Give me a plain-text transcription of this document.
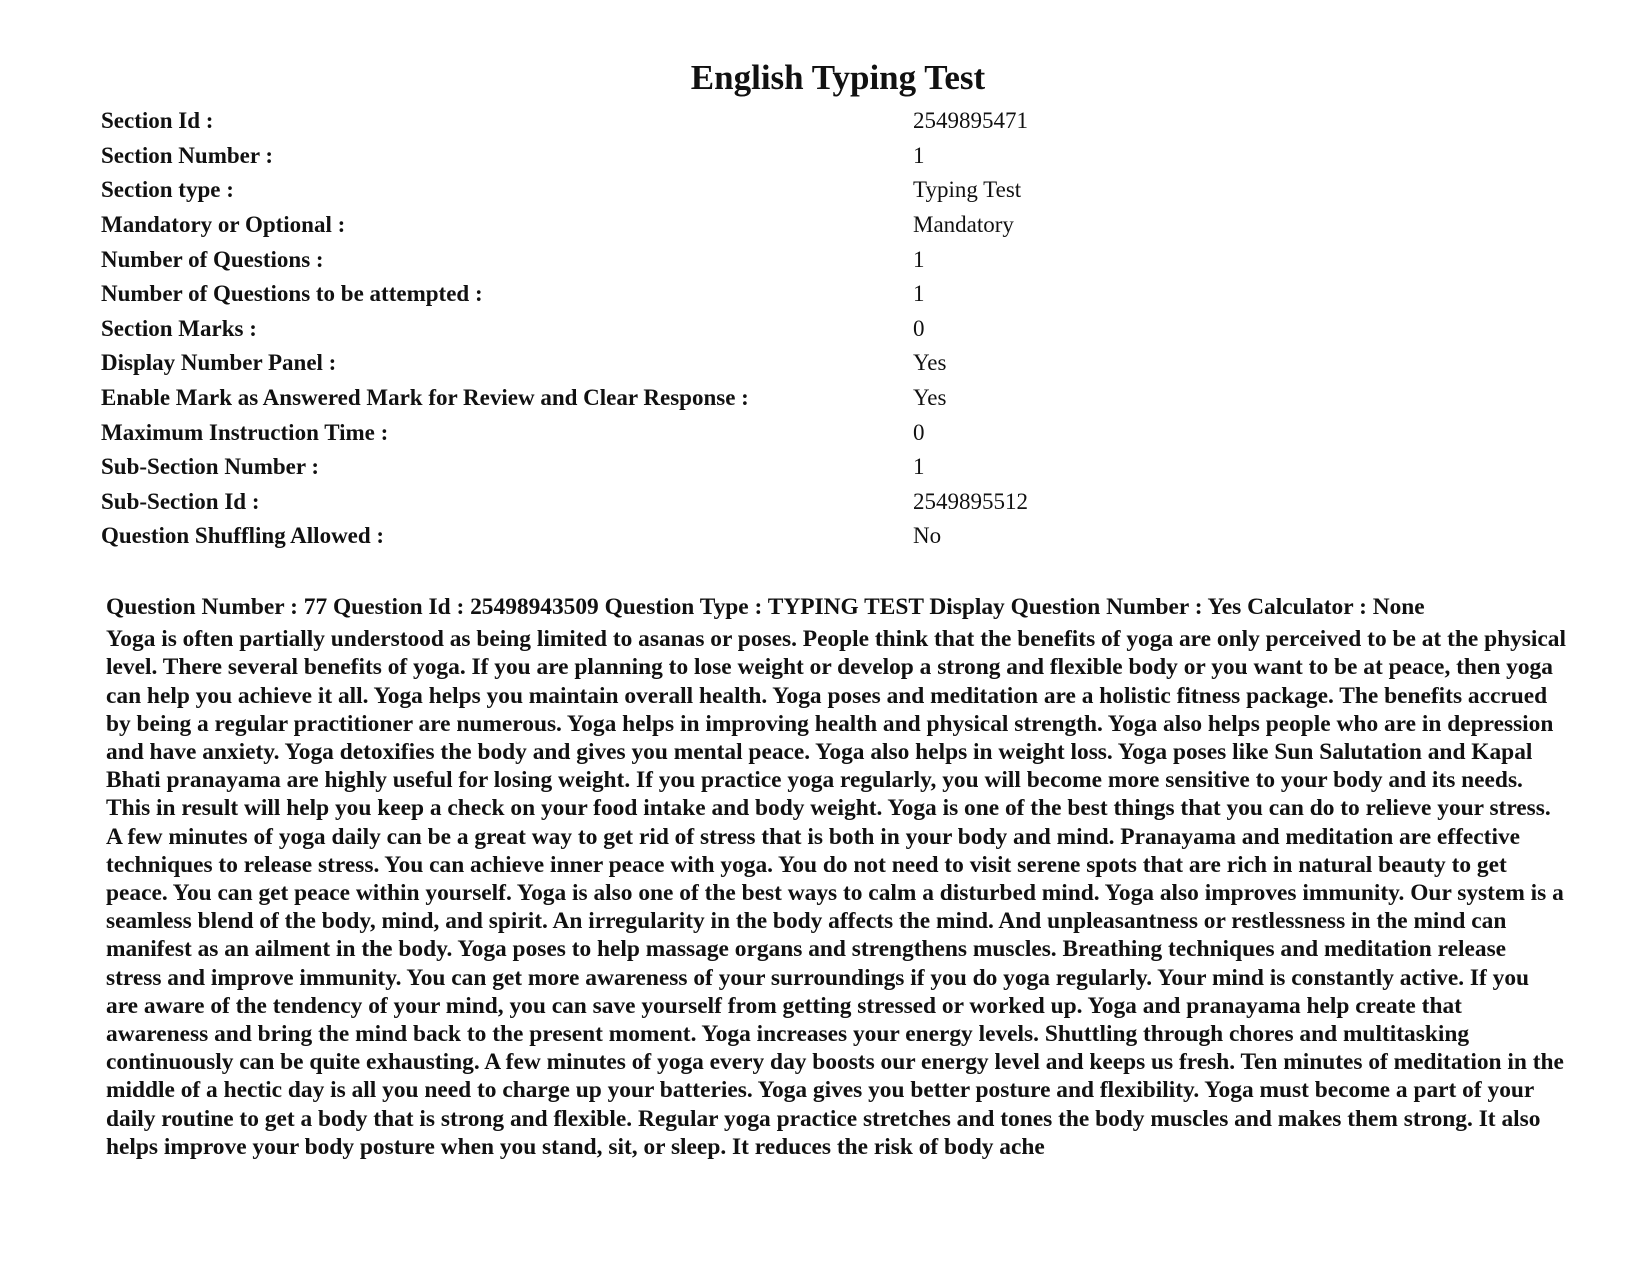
English Typing Test
Section Id :	2549895471
Section Number :	1
Section type :	Typing Test
Mandatory or Optional :	Mandatory
Number of Questions :	1
Number of Questions to be attempted :	1
Section Marks :	0
Display Number Panel :	Yes
Enable Mark as Answered Mark for Review and Clear Response :	Yes
Maximum Instruction Time :	0
Sub-Section Number :	1
Sub-Section Id :	2549895512
Question Shuffling Allowed :	No

Question Number : 77 Question Id : 25498943509 Question Type : TYPING TEST Display Question Number : Yes Calculator : None

Yoga is often partially understood as being limited to asanas or poses. People think that the benefits of yoga are only perceived to be at the physical level. There several benefits of yoga. If you are planning to lose weight or develop a strong and flexible body or you want to be at peace, then yoga can help you achieve it all. Yoga helps you maintain overall health. Yoga poses and meditation are a holistic fitness package. The benefits accrued by being a regular practitioner are numerous. Yoga helps in improving health and physical strength. Yoga also helps people who are in depression and have anxiety. Yoga detoxifies the body and gives you mental peace. Yoga also helps in weight loss. Yoga poses like Sun Salutation and Kapal Bhati pranayama are highly useful for losing weight. If you practice yoga regularly, you will become more sensitive to your body and its needs. This in result will help you keep a check on your food intake and body weight. Yoga is one of the best things that you can do to relieve your stress. A few minutes of yoga daily can be a great way to get rid of stress that is both in your body and mind. Pranayama and meditation are effective techniques to release stress. You can achieve inner peace with yoga. You do not need to visit serene spots that are rich in natural beauty to get peace. You can get peace within yourself. Yoga is also one of the best ways to calm a disturbed mind. Yoga also improves immunity. Our system is a seamless blend of the body, mind, and spirit. An irregularity in the body affects the mind. And unpleasantness or restlessness in the mind can manifest as an ailment in the body. Yoga poses to help massage organs and strengthens muscles. Breathing techniques and meditation release stress and improve immunity. You can get more awareness of your surroundings if you do yoga regularly. Your mind is constantly active. If you are aware of the tendency of your mind, you can save yourself from getting stressed or worked up. Yoga and pranayama help create that awareness and bring the mind back to the present moment. Yoga increases your energy levels. Shuttling through chores and multitasking continuously can be quite exhausting. A few minutes of yoga every day boosts our energy level and keeps us fresh. Ten minutes of meditation in the middle of a hectic day is all you need to charge up your batteries. Yoga gives you better posture and flexibility. Yoga must become a part of your daily routine to get a body that is strong and flexible. Regular yoga practice stretches and tones the body muscles and makes them strong. It also helps improve your body posture when you stand, sit, or sleep. It reduces the risk of body ache
